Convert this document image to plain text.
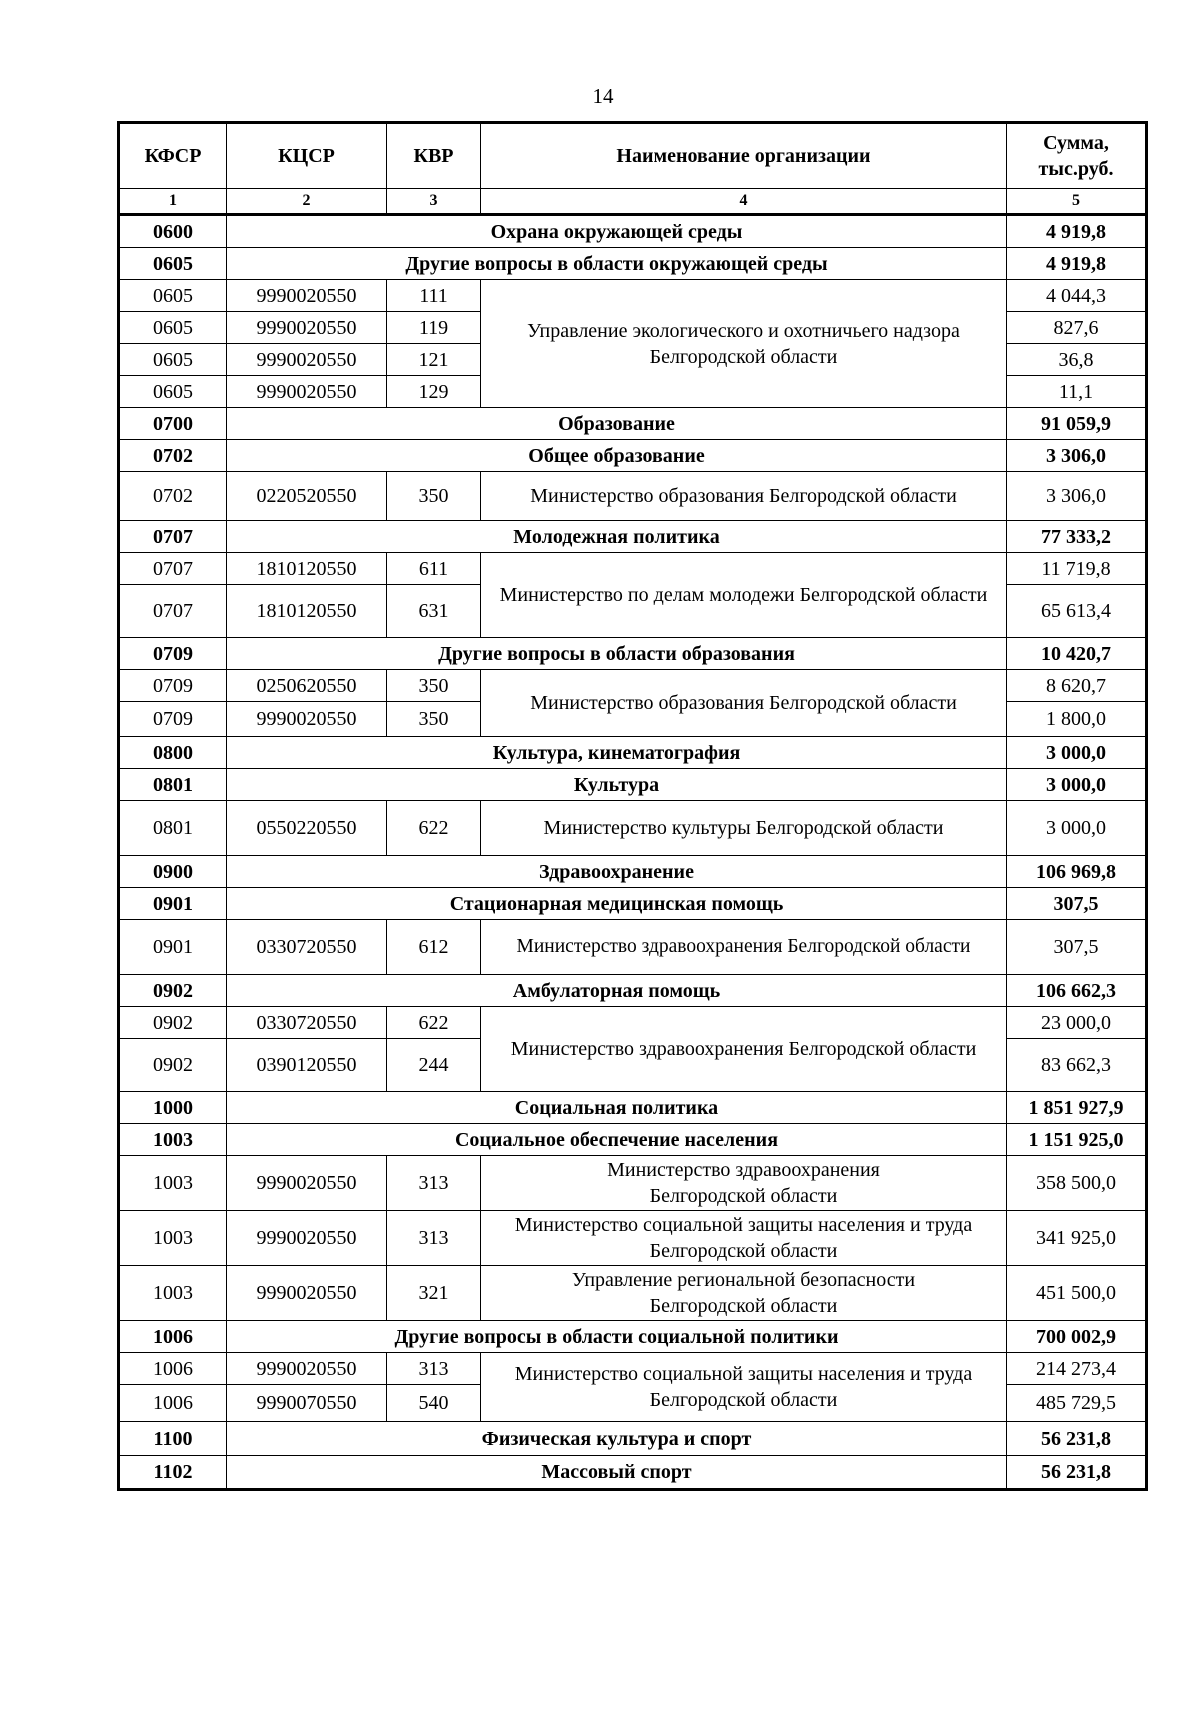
14
КФСР	КЦСР	КВР	Наименование организации	Сумма, тыс.руб.
1	2	3	4	5
0600	Охрана окружающей среды			4 919,8
0605	Другие вопросы в области окружающей среды			4 919,8
0605	9990020550	111	Управление экологического и охотничьего надзора Белгородской области	4 044,3
0605	9990020550	119		827,6
0605	9990020550	121		36,8
0605	9990020550	129		11,1
0700	Образование			91 059,9
0702	Общее образование			3 306,0
0702	0220520550	350	Министерство образования Белгородской области	3 306,0
0707	Молодежная политика			77 333,2
0707	1810120550	611	Министерство по делам молодежи Белгородской области	11 719,8
0707	1810120550	631		65 613,4
0709	Другие вопросы в области образования			10 420,7
0709	0250620550	350	Министерство образования Белгородской области	8 620,7
0709	9990020550	350		1 800,0
0800	Культура, кинематография			3 000,0
0801	Культура			3 000,0
0801	0550220550	622	Министерство культуры Белгородской области	3 000,0
0900	Здравоохранение			106 969,8
0901	Стационарная медицинская помощь			307,5
0901	0330720550	612	Министерство здравоохранения Белгородской области	307,5
0902	Амбулаторная помощь			106 662,3
0902	0330720550	622	Министерство здравоохранения Белгородской области	23 000,0
0902	0390120550	244		83 662,3
1000	Социальная политика			1 851 927,9
1003	Социальное обеспечение населения			1 151 925,0
1003	9990020550	313	Министерство здравоохранения Белгородской области	358 500,0
1003	9990020550	313	Министерство социальной защиты населения и труда Белгородской области	341 925,0
1003	9990020550	321	Управление региональной безопасности Белгородской области	451 500,0
1006	Другие вопросы в области социальной политики			700 002,9
1006	9990020550	313	Министерство социальной защиты населения и труда Белгородской области	214 273,4
1006	9990070550	540		485 729,5
1100	Физическая культура и спорт			56 231,8
1102	Массовый спорт			56 231,8
